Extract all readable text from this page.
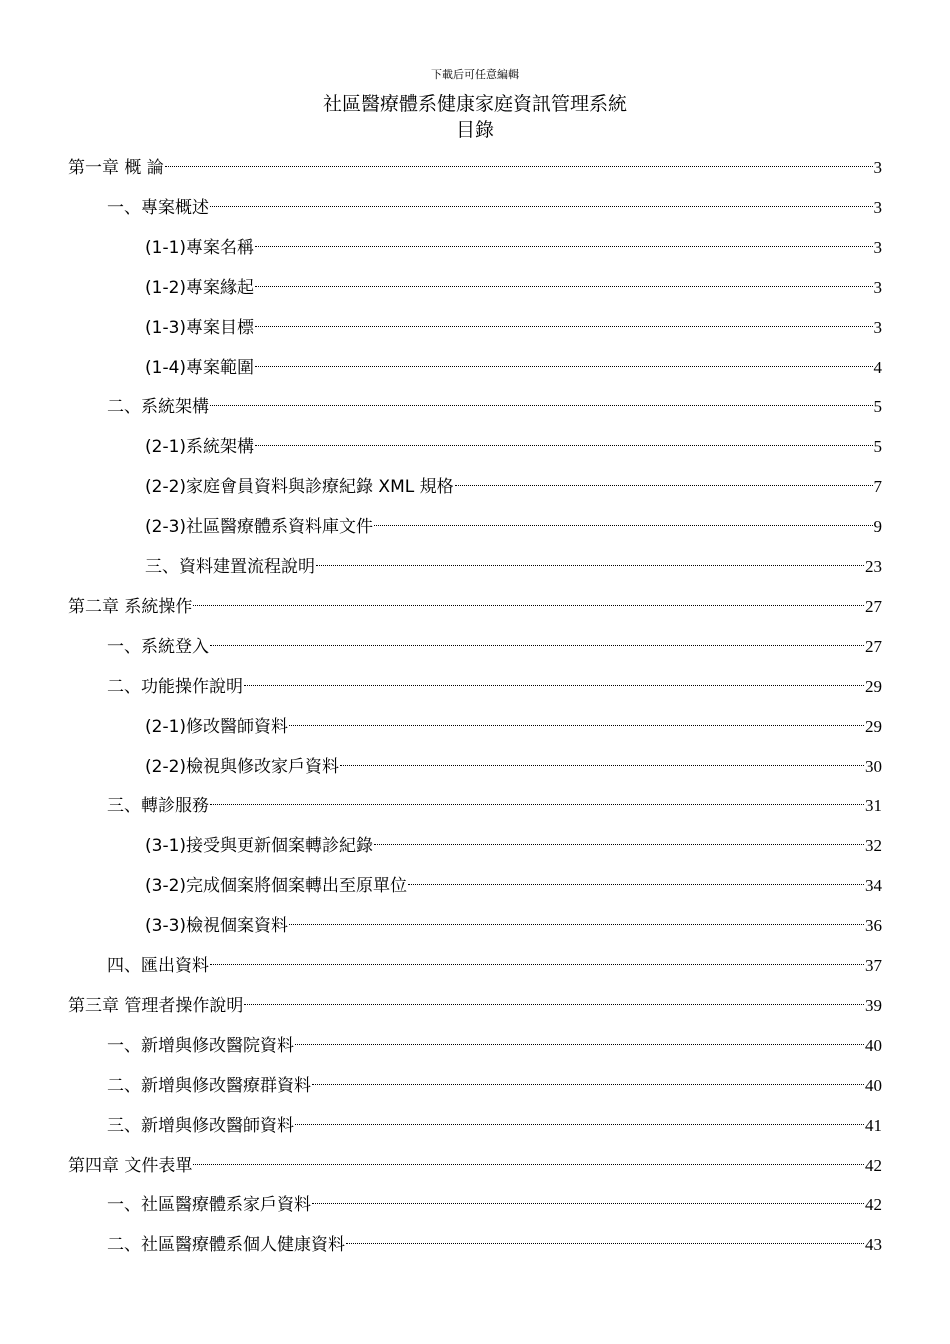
下載后可任意編輯
社區醫療體系健康家庭資訊管理系統
目錄
第一章 概 論	3
一、專案概述	3
(1-1)專案名稱	3
(1-2)專案緣起	3
(1-3)專案目標	3
(1-4)專案範圍	4
二、系統架構	5
(2-1)系統架構	5
(2-2)家庭會員資料與診療紀錄 XML 規格	7
(2-3)社區醫療體系資料庫文件	9
三、資料建置流程說明	23
第二章 系統操作	27
一、系統登入	27
二、功能操作說明	29
(2-1)修改醫師資料	29
(2-2)檢視與修改家戶資料	30
三、轉診服務	31
(3-1)接受與更新個案轉診紀錄	32
(3-2)完成個案將個案轉出至原單位	34
(3-3)檢視個案資料	36
四、匯出資料	37
第三章 管理者操作說明	39
一、新增與修改醫院資料	40
二、新增與修改醫療群資料	40
三、新增與修改醫師資料	41
第四章 文件表單	42
一、社區醫療體系家戶資料	42
二、社區醫療體系個人健康資料	43
